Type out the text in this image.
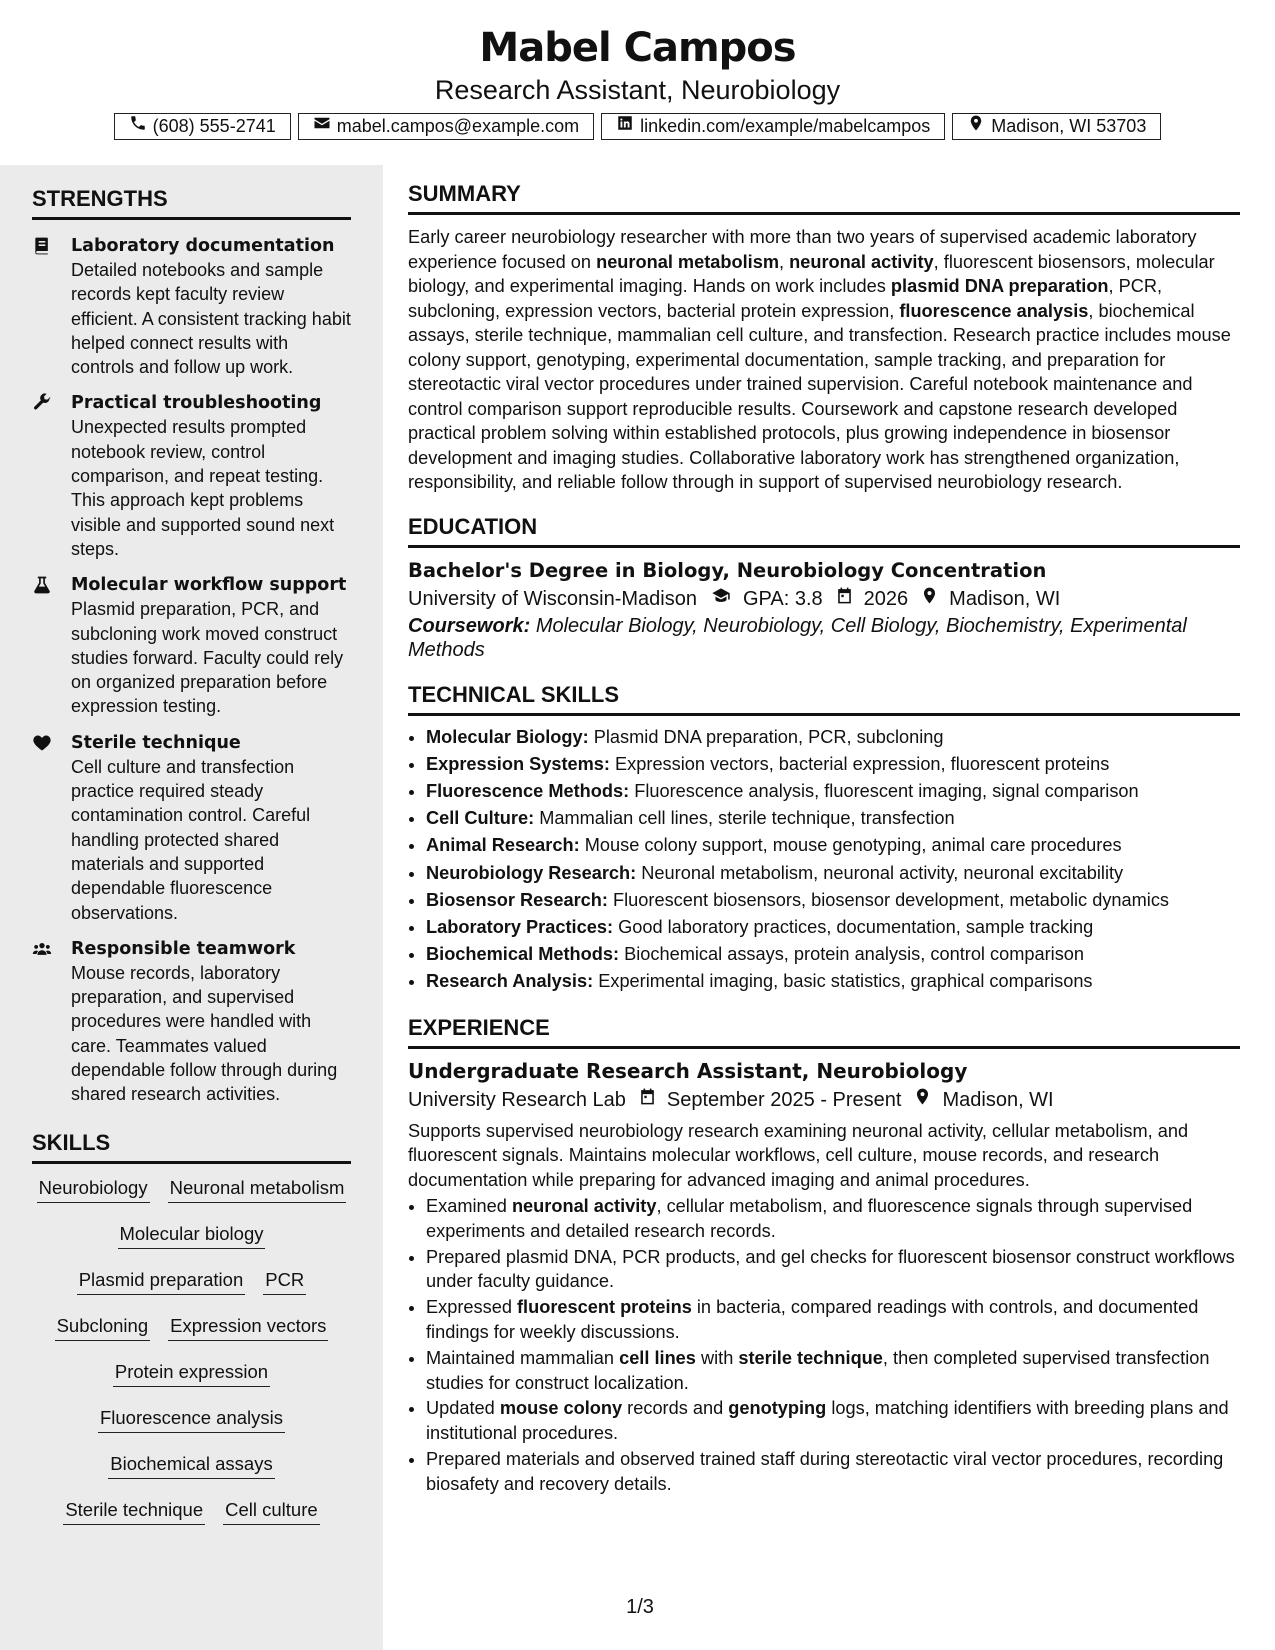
Mabel Campos
Research Assistant, Neurobiology
(608) 555-2741	mabel.campos@example.com	linkedin.com/example/mabelcampos	Madison, WI 53703
STRENGTHS
Laboratory documentation
Detailed notebooks and sample records kept faculty review efficient. A consistent tracking habit helped connect results with controls and follow up work.
Practical troubleshooting
Unexpected results prompted notebook review, control comparison, and repeat testing. This approach kept problems visible and supported sound next steps.
Molecular workflow support
Plasmid preparation, PCR, and subcloning work moved construct studies forward. Faculty could rely on organized preparation before expression testing.
Sterile technique
Cell culture and transfection practice required steady contamination control. Careful handling protected shared materials and supported dependable fluorescence observations.
Responsible teamwork
Mouse records, laboratory preparation, and supervised procedures were handled with care. Teammates valued dependable follow through during shared research activities.
SKILLS
Neurobiology Neuronal metabolism
Molecular biology
Plasmid preparation PCR
Subcloning Expression vectors
Protein expression
Fluorescence analysis
Biochemical assays
Sterile technique Cell culture
SUMMARY

Early career neurobiology researcher with more than two years of supervised academic laboratory experience focused on neuronal metabolism, neuronal activity, fluorescent biosensors, molecular biology, and experimental imaging. Hands on work includes plasmid DNA preparation, PCR, subcloning, expression vectors, bacterial protein expression, fluorescence analysis, biochemical assays, sterile technique, mammalian cell culture, and transfection. Research practice includes mouse colony support, genotyping, experimental documentation, sample tracking, and preparation for stereotactic viral vector procedures under trained supervision. Careful notebook maintenance and control comparison support reproducible results. Coursework and capstone research developed practical problem solving within established protocols, plus growing independence in biosensor development and imaging studies. Collaborative laboratory work has strengthened organization, responsibility, and reliable follow through in support of supervised neurobiology research.

EDUCATION
Bachelor's Degree in Biology, Neurobiology Concentration
University of Wisconsin-Madison GPA: 3.8 2026 Madison, WI
Coursework: Molecular Biology, Neurobiology, Cell Biology, Biochemistry, Experimental Methods
TECHNICAL SKILLS
• Molecular Biology: Plasmid DNA preparation, PCR, subcloning
• Expression Systems: Expression vectors, bacterial expression, fluorescent proteins
• Fluorescence Methods: Fluorescence analysis, fluorescent imaging, signal comparison
• Cell Culture: Mammalian cell lines, sterile technique, transfection
• Animal Research: Mouse colony support, mouse genotyping, animal care procedures
• Neurobiology Research: Neuronal metabolism, neuronal activity, neuronal excitability
• Biosensor Research: Fluorescent biosensors, biosensor development, metabolic dynamics
• Laboratory Practices: Good laboratory practices, documentation, sample tracking
• Biochemical Methods: Biochemical assays, protein analysis, control comparison
• Research Analysis: Experimental imaging, basic statistics, graphical comparisons
EXPERIENCE
Undergraduate Research Assistant, Neurobiology
University Research Lab September 2025 - Present Madison, WI
Supports supervised neurobiology research examining neuronal activity, cellular metabolism, and fluorescent signals. Maintains molecular workflows, cell culture, mouse records, and research documentation while preparing for advanced imaging and animal procedures.
• Examined neuronal activity, cellular metabolism, and fluorescence signals through supervised experiments and detailed research records.
• Prepared plasmid DNA, PCR products, and gel checks for fluorescent biosensor construct workflows under faculty guidance.
• Expressed fluorescent proteins in bacteria, compared readings with controls, and documented findings for weekly discussions.
• Maintained mammalian cell lines with sterile technique, then completed supervised transfection studies for construct localization.
• Updated mouse colony records and genotyping logs, matching identifiers with breeding plans and institutional procedures.
• Prepared materials and observed trained staff during stereotactic viral vector procedures, recording biosafety and recovery details.
1/3
